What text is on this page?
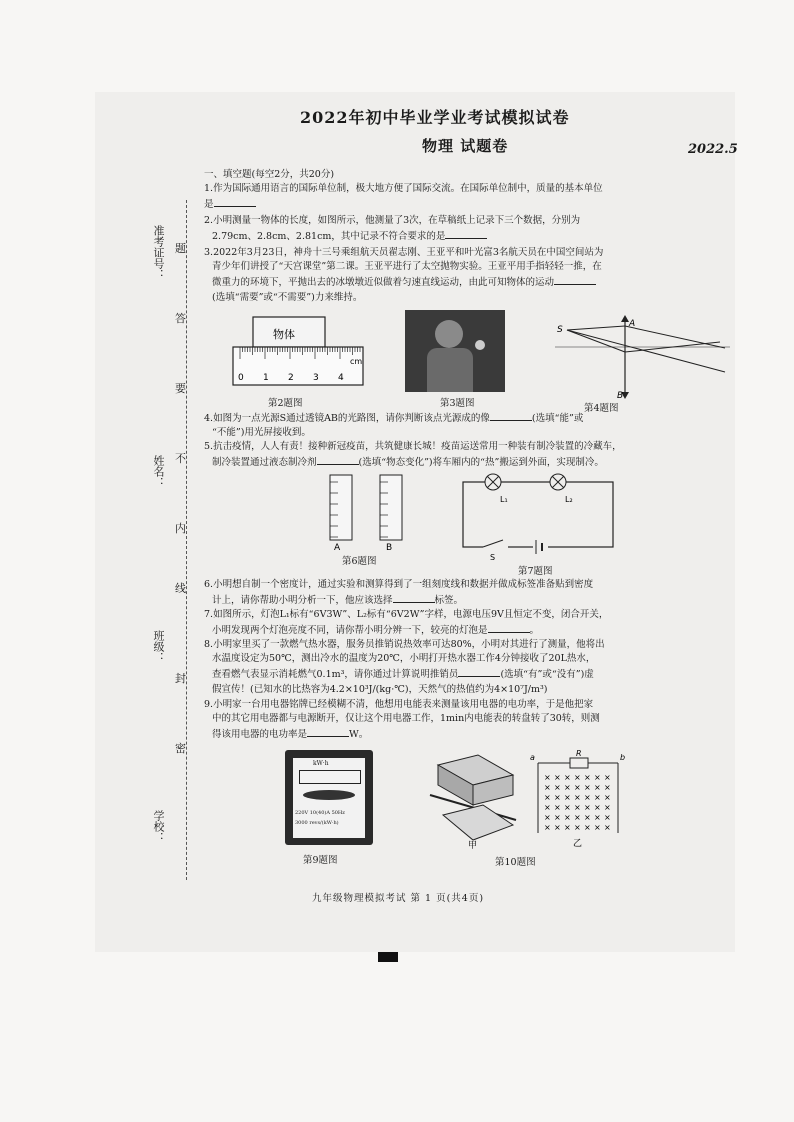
准考证号： 题
答
要
不
姓名：
内
线
班级：
封
密
学校：
2022年初中毕业学业考试模拟试卷
物理 试题卷	2022.5
一、填空题(每空2分，共20分)
1.作为国际通用语言的国际单位制，极大地方便了国际交流。在国际单位制中，质量的基本单位
是
2.小明测量一物体的长度，如图所示，他测量了3次，在草稿纸上记录下三个数据，分别为
2.79cm、2.8cm、2.81cm，其中记录不符合要求的是
3.2022年3月23日，神舟十三号乘组航天员翟志刚、王亚平和叶光富3名航天员在中国空间站为
青少年们讲授了“天宫课堂”第二课。王亚平进行了太空抛物实验。王亚平用手指轻轻一推，在
微重力的环境下，平抛出去的冰墩墩近似做着匀速直线运动，由此可知物体的运动
(选填“需要”或“不需要”)力来维持。
物体
0 1 2 3 4
cm
第2题图	第3题图
S
A
B
第4题图
4.如图为一点光源S通过透镜AB的光路图，请你判断该点光源成的像	(选填“能”或
“不能”)用光屏接收到。
5.抗击疫情，人人有责！接种新冠疫苗，共筑健康长城！疫苗运送常用一种装有制冷装置的冷藏车，
制冷装置通过液态制冷剂	(选填“物态变化”)将车厢内的“热”搬运到外面，实现制冷。
A	B
第6题图
L₁	L₂
S
第7题图
6.小明想自制一个密度计，通过实验和测算得到了一组刻度线和数据并做成标签准备贴到密度
计上，请你帮助小明分析一下，他应该选择	标签。
7.如图所示，灯泡L₁标有“6V3W”、L₂标有“6V2W”字样，电源电压9V且恒定不变，闭合开关，
小明发现两个灯泡亮度不同，请你帮小明分辨一下，较亮的灯泡是	。
8.小明家里买了一款燃气热水器，服务员推销说热效率可达80%，小明对其进行了测量，他将出
水温度设定为50℃，测出冷水的温度为20℃，小明打开热水器工作4分钟接收了20L热水，
查看燃气表显示消耗燃气0.1m³，请你通过计算说明推销员	(选填“有”或“没有”)虚
假宣传！(已知水的比热容为4.2×10³J/(kg·℃)，天然气的热值约为4×10⁷J/m³)
9.小明家一台用电器铭牌已经模糊不清，他想用电能表来测量该用电器的电功率，于是他把家
中的其它用电器都与电源断开，仅让这个用电器工作，1min内电能表的转盘转了30转，则测
得该用电器的电功率是	W。
kW·h
220V 10(40)A 50Hz
3000 revs/(kW·h)
第9题图
甲
× × × × × × ×
× × × × × × ×
× × × × × × ×
× × × × × × ×
× × × × × × ×
× × × × × × ×
R
a	b
乙
第10题图
九年级物理模拟考试 第 1 页(共4页)
